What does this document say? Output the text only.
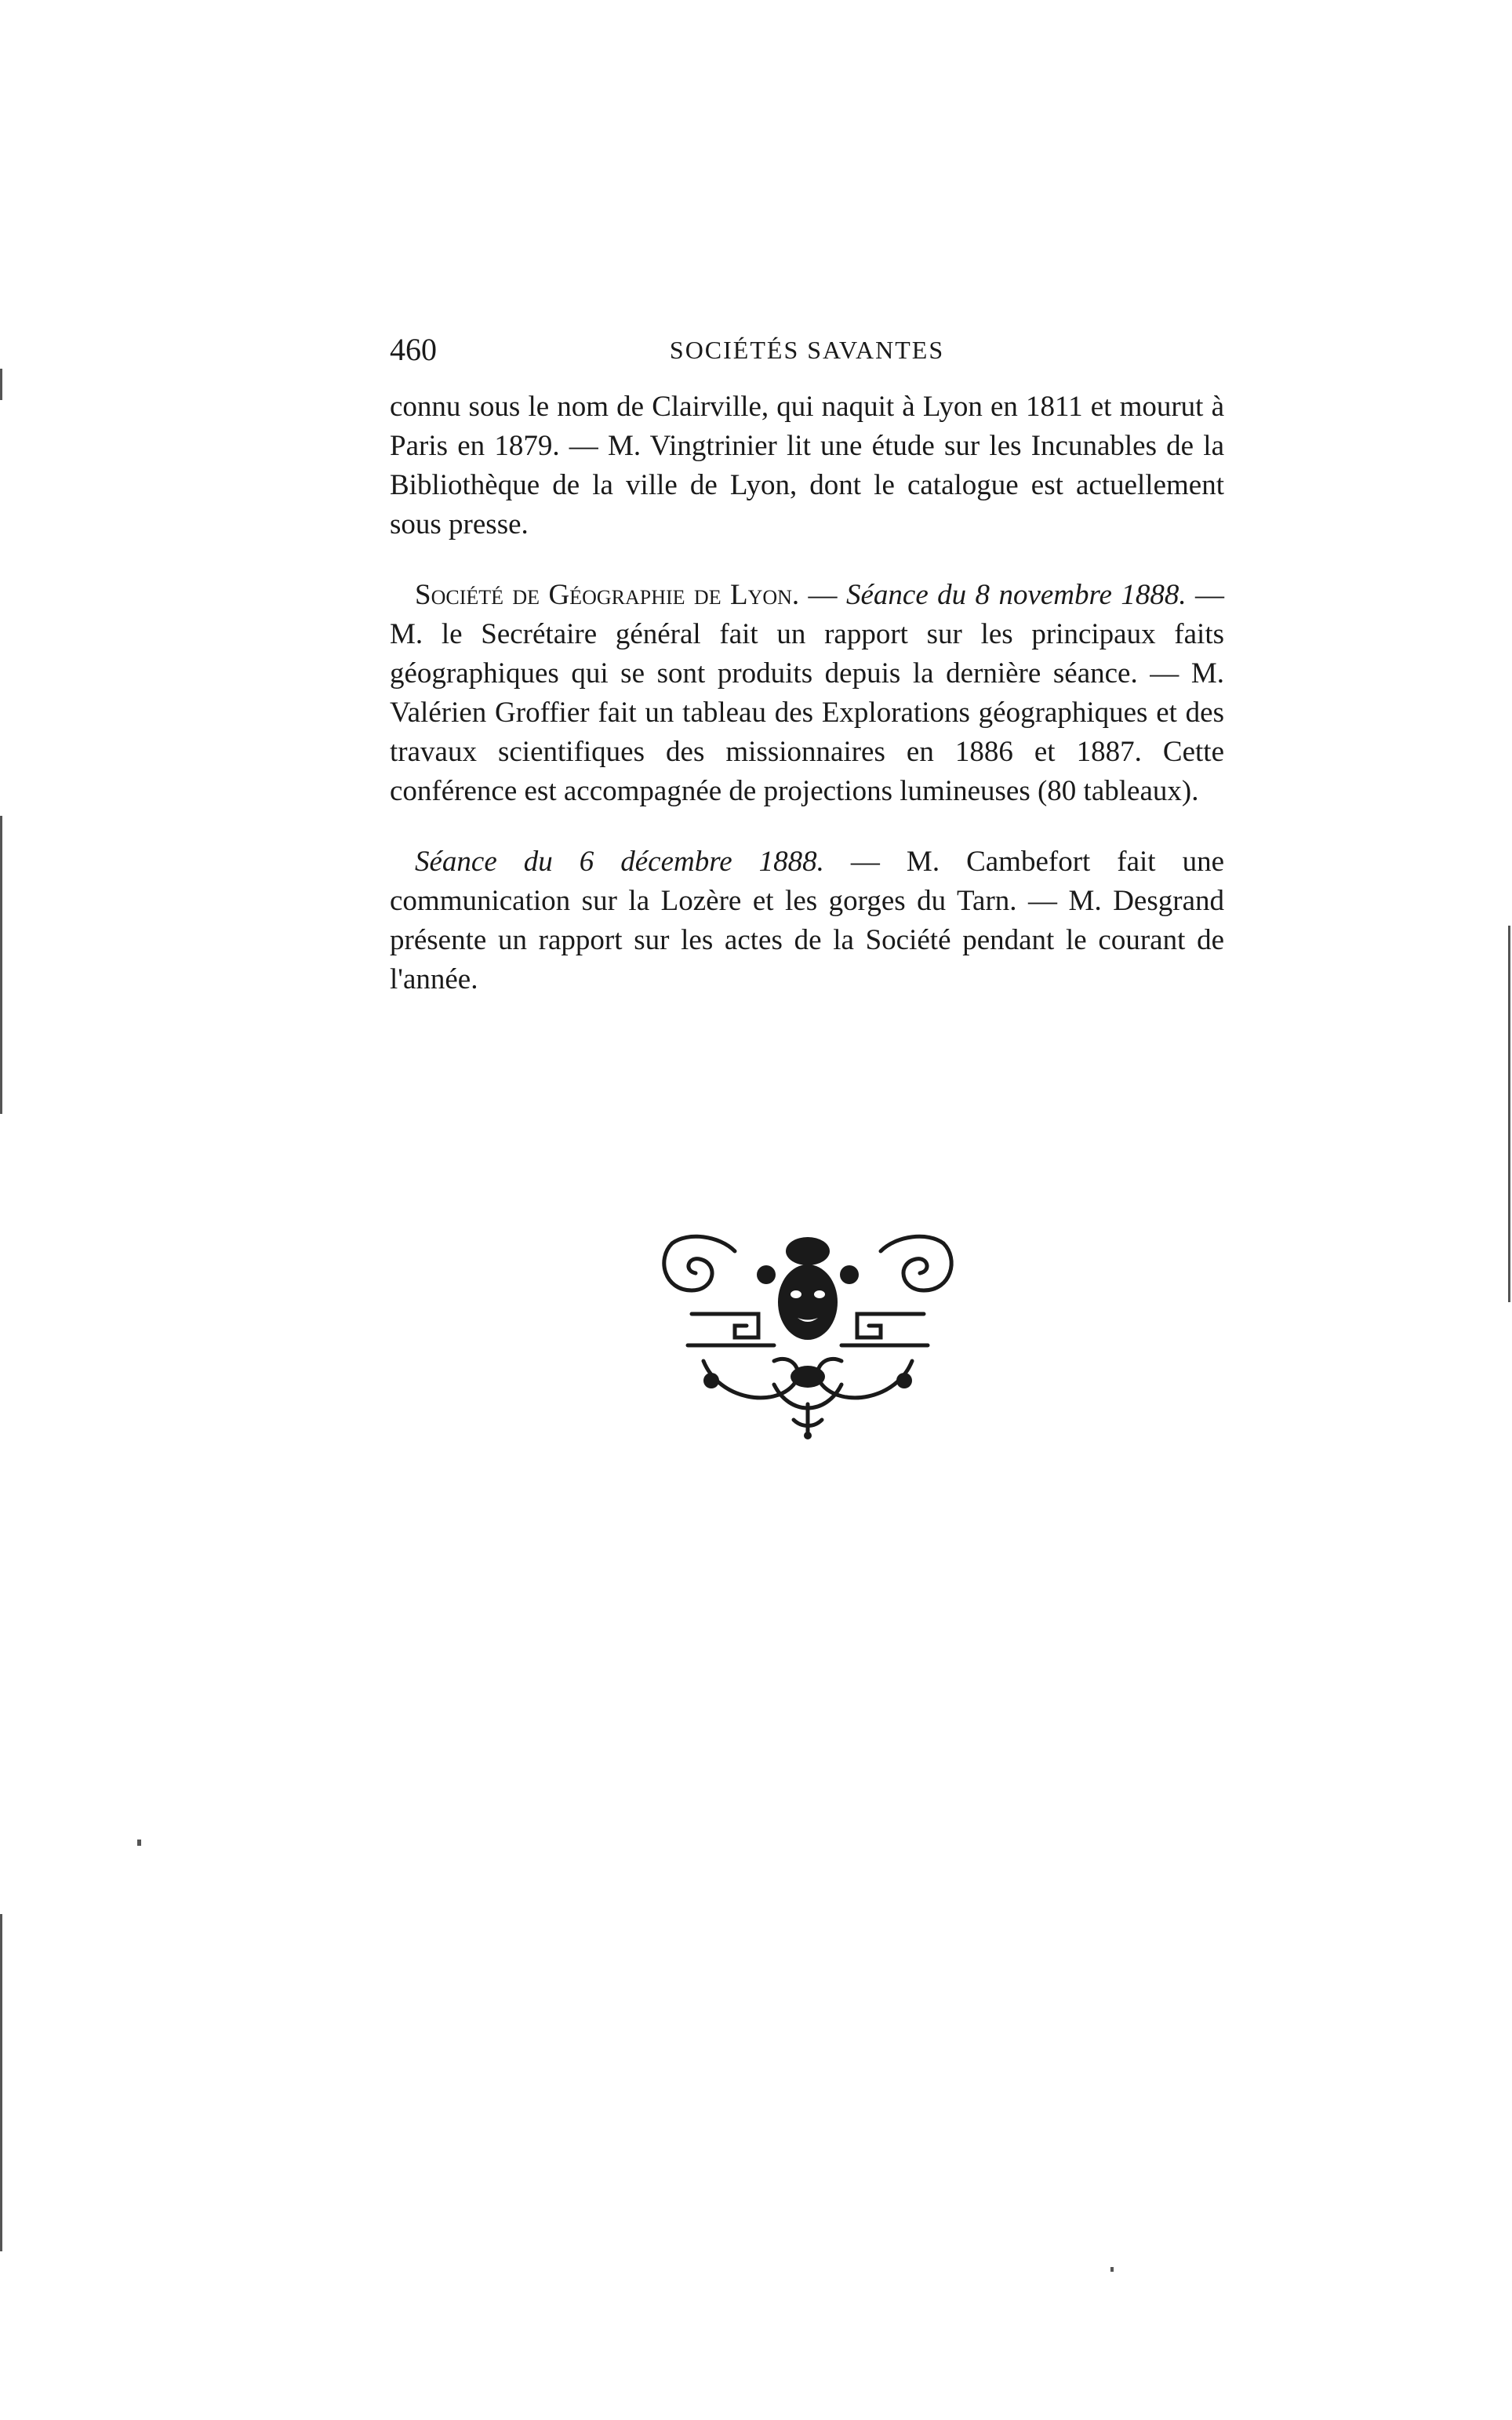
460	SOCIÉTÉS SAVANTES

connu sous le nom de Clairville, qui naquit à Lyon en 1811 et mourut à Paris en 1879. — M. Vingtrinier lit une étude sur les Incunables de la Bibliothèque de la ville de Lyon, dont le catalogue est actuellement sous presse.

Société de Géographie de Lyon. — Séance du 8 novembre 1888. — M. le Secrétaire général fait un rapport sur les principaux faits géographiques qui se sont produits depuis la dernière séance. — M. Valérien Groffier fait un tableau des Explorations géographiques et des travaux scientifiques des missionnaires en 1886 et 1887. Cette conférence est accompagnée de projections lumineuses (80 tableaux).

Séance du 6 décembre 1888. — M. Cambefort fait une communication sur la Lozère et les gorges du Tarn. — M. Desgrand présente un rapport sur les actes de la Société pendant le courant de l'année.
